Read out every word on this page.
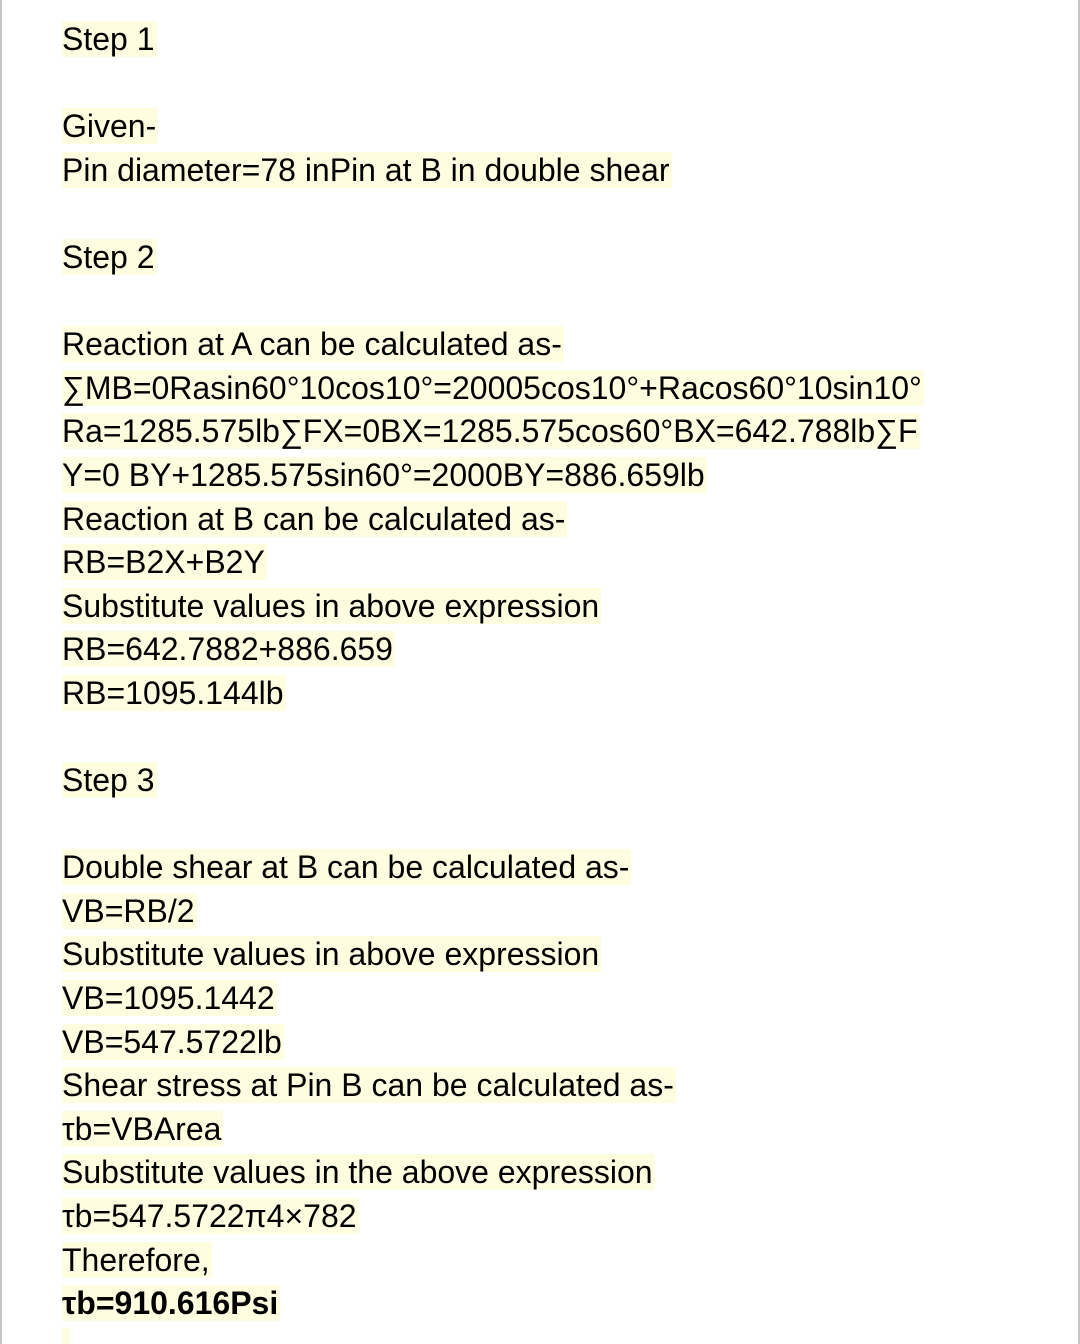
Step 1
Given-
Pin diameter=78 inPin at B in double shear
Step 2
Reaction at A can be calculated as-
∑MB=0Rasin60°10cos10°=20005cos10°+Racos60°10sin10°
Ra=1285.575lb∑FX=0BX=1285.575cos60°BX=642.788lb∑F
Y=0 BY+1285.575sin60°=2000BY=886.659lb
Reaction at B can be calculated as-
RB=B2X+B2Y
Substitute values in above expression
RB=642.7882+886.659
RB=1095.144lb
Step 3
Double shear at B can be calculated as-
VB=RB/2
Substitute values in above expression
VB=1095.1442
VB=547.5722lb
Shear stress at Pin B can be calculated as-
τb=VBArea
Substitute values in the above expression
τb=547.5722π4×782
Therefore,
τb=910.616Psi
